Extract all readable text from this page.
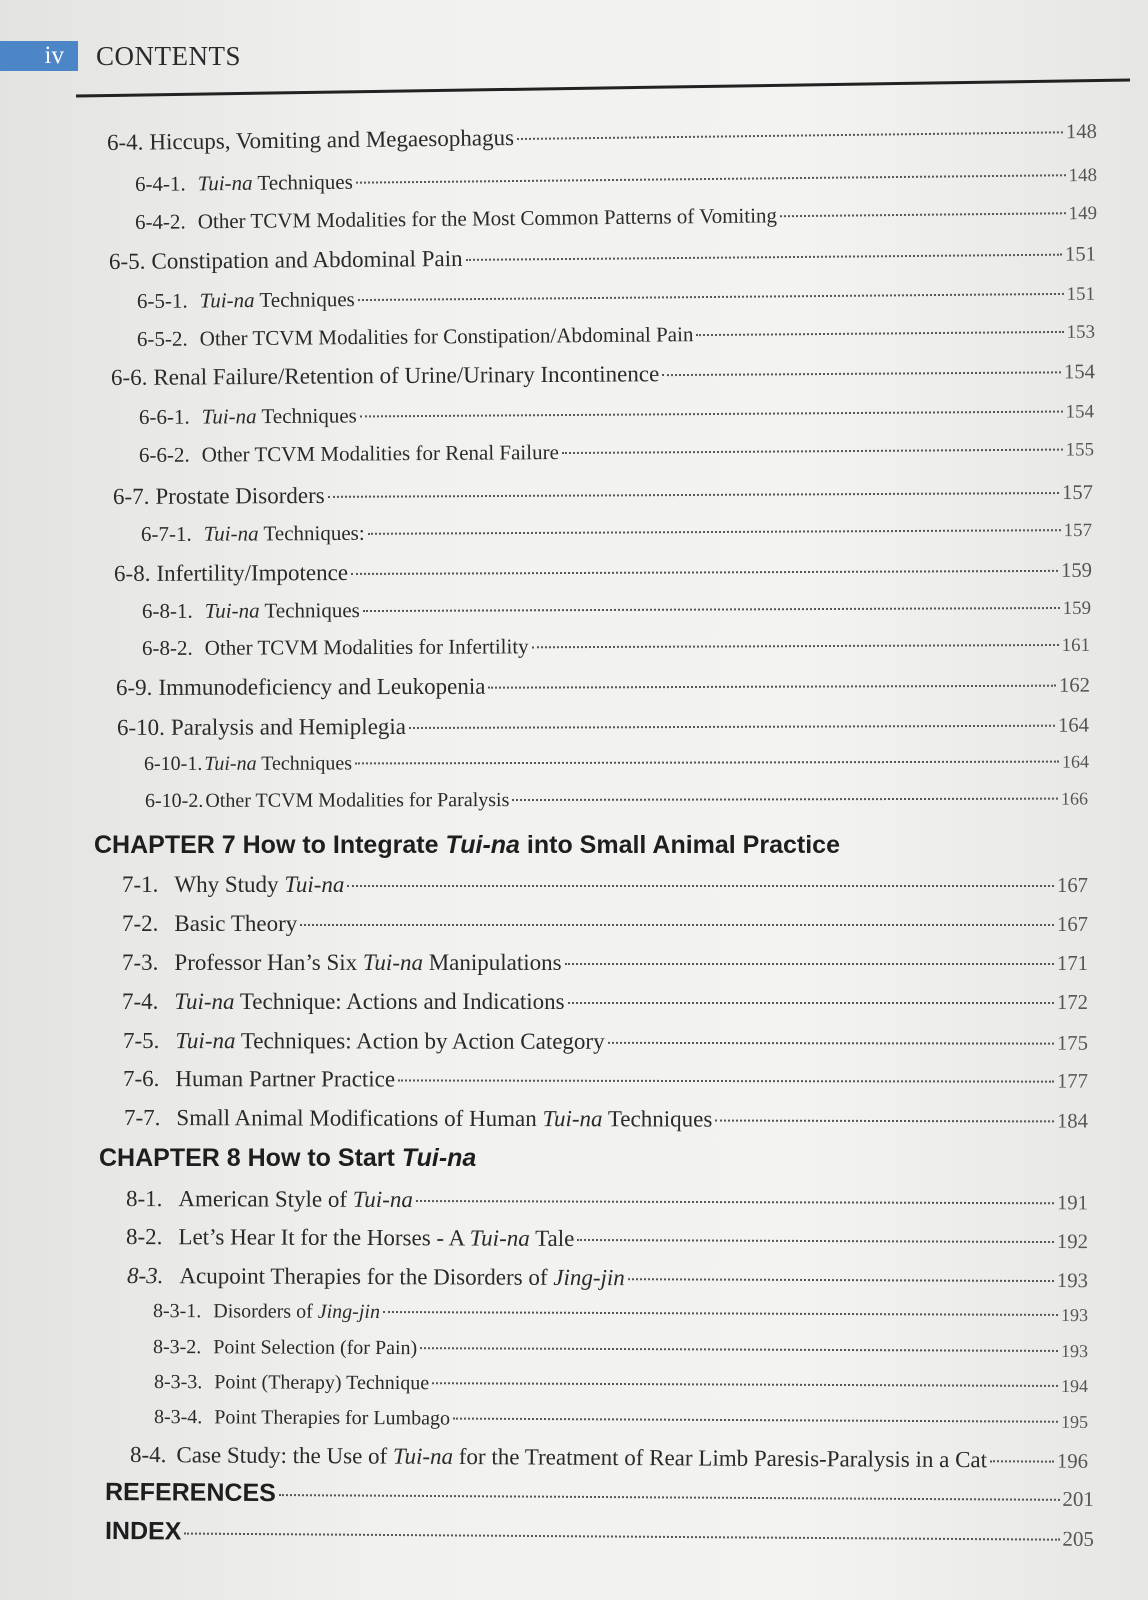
iv	CONTENTS
6-4. Hiccups, Vomiting and Megaesophagus	148
6-4-1. Tui-na Techniques	148
6-4-2. Other TCVM Modalities for the Most Common Patterns of Vomiting	149
6-5. Constipation and Abdominal Pain	151
6-5-1. Tui-na Techniques	151
6-5-2. Other TCVM Modalities for Constipation/Abdominal Pain	153
6-6. Renal Failure/Retention of Urine/Urinary Incontinence	154
6-6-1. Tui-na Techniques	154
6-6-2. Other TCVM Modalities for Renal Failure	155
6-7. Prostate Disorders	157
6-7-1. Tui-na Techniques:	157
6-8. Infertility/Impotence	159
6-8-1. Tui-na Techniques	159
6-8-2. Other TCVM Modalities for Infertility	161
6-9. Immunodeficiency and Leukopenia	162
6-10. Paralysis and Hemiplegia	164
6-10-1. Tui-na Techniques	164
6-10-2. Other TCVM Modalities for Paralysis	166
CHAPTER 7 How to Integrate Tui-na into Small Animal Practice
7-1. Why Study Tui-na	167
7-2. Basic Theory	167
7-3. Professor Han’s Six Tui-na Manipulations	171
7-4. Tui-na Technique: Actions and Indications	172
7-5. Tui-na Techniques: Action by Action Category	175
7-6. Human Partner Practice	177
7-7. Small Animal Modifications of Human Tui-na Techniques	184
CHAPTER 8 How to Start Tui-na
8-1. American Style of Tui-na	191
8-2. Let’s Hear It for the Horses - A Tui-na Tale	192
8-3. Acupoint Therapies for the Disorders of Jing-jin	193
8-3-1. Disorders of Jing-jin	193
8-3-2. Point Selection (for Pain)	193
8-3-3. Point (Therapy) Technique	194
8-3-4. Point Therapies for Lumbago	195
8-4. Case Study: the Use of Tui-na for the Treatment of Rear Limb Paresis-Paralysis in a Cat	196
REFERENCES	201
INDEX	205
